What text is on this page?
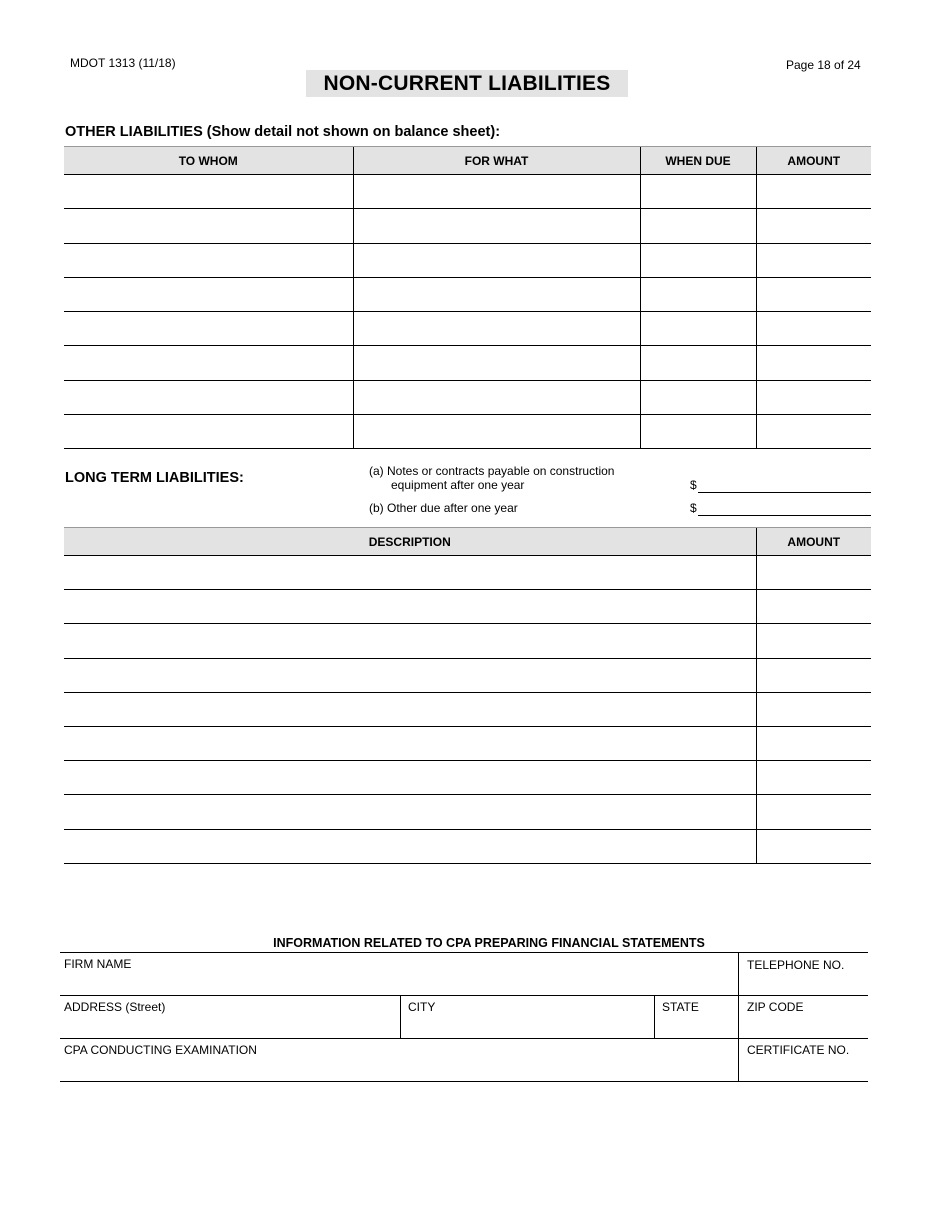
MDOT 1313 (11/18)	Page 18 of 24
NON-CURRENT LIABILITIES
OTHER LIABILITIES (Show detail not shown on balance sheet):
TO WHOM	FOR WHAT	WHEN DUE	AMOUNT

LONG TERM LIABILITIES:	(a) Notes or contracts payable on construction
equipment after one year	$
(b) Other due after one year	$
DESCRIPTION	AMOUNT

INFORMATION RELATED TO CPA PREPARING FINANCIAL STATEMENTS
FIRM NAME	TELEPHONE NO.
ADDRESS (Street)	CITY	STATE	ZIP CODE
CPA CONDUCTING EXAMINATION	CERTIFICATE NO.
